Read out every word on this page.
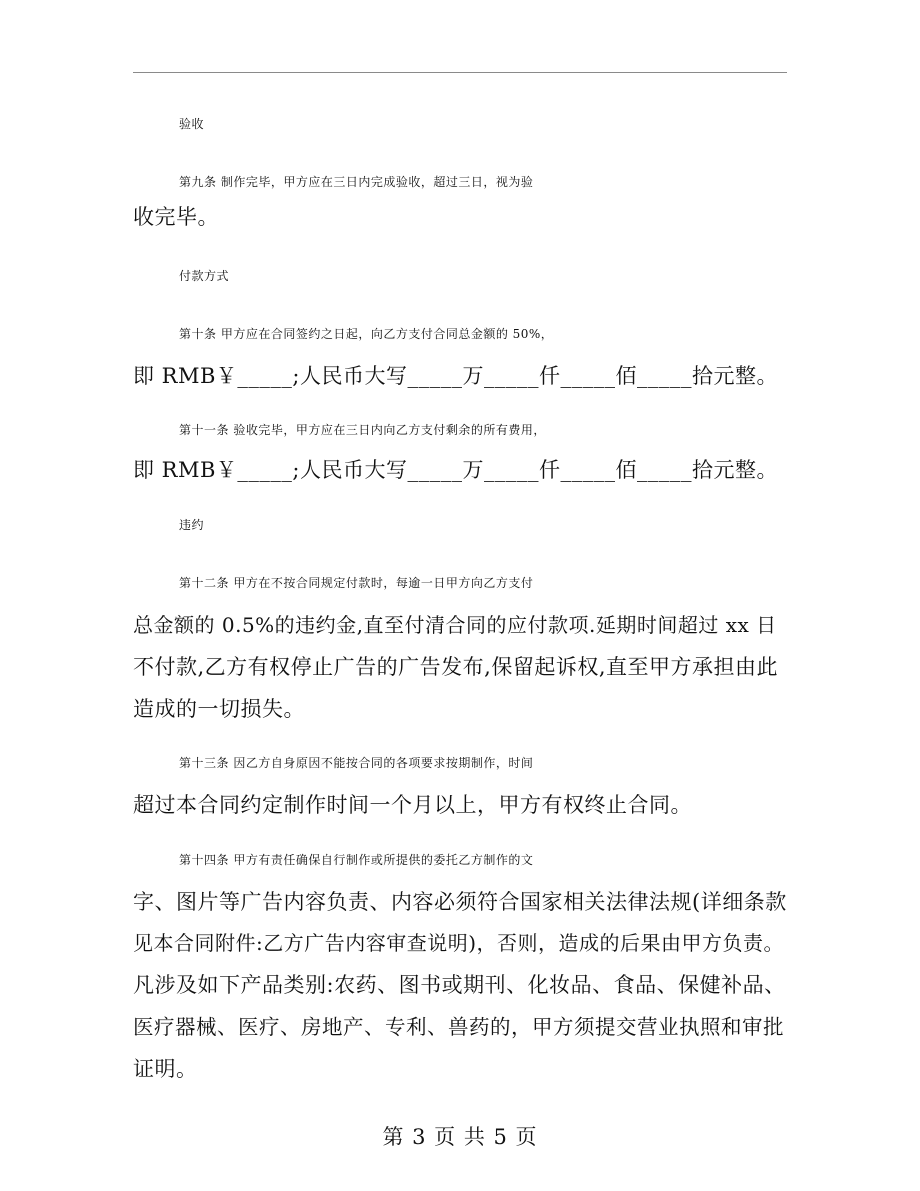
验收
第九条 制作完毕，甲方应在三日内完成验收，超过三日，视为验
收完毕。
付款方式
第十条 甲方应在合同签约之日起，向乙方支付合同总金额的 50%，
即 RMB￥_____;人民币大写_____万_____仟_____佰_____拾元整。
第十一条 验收完毕，甲方应在三日内向乙方支付剩余的所有费用，
即 RMB￥_____;人民币大写_____万_____仟_____佰_____拾元整。
违约
第十二条 甲方在不按合同规定付款时，每逾一日甲方向乙方支付
总金额的 0.5%的违约金,直至付清合同的应付款项.延期时间超过 xx 日
不付款,乙方有权停止广告的广告发布,保留起诉权,直至甲方承担由此
造成的一切损失。
第十三条 因乙方自身原因不能按合同的各项要求按期制作，时间
超过本合同约定制作时间一个月以上，甲方有权终止合同。
第十四条 甲方有责任确保自行制作或所提供的委托乙方制作的文
字、图片等广告内容负责、内容必须符合国家相关法律法规(详细条款
见本合同附件:乙方广告内容审查说明)，否则，造成的后果由甲方负责。
凡涉及如下产品类别:农药、图书或期刊、化妆品、食品、保健补品、
医疗器械、医疗、房地产、专利、兽药的，甲方须提交营业执照和审批
证明。
第 3 页 共 5 页
